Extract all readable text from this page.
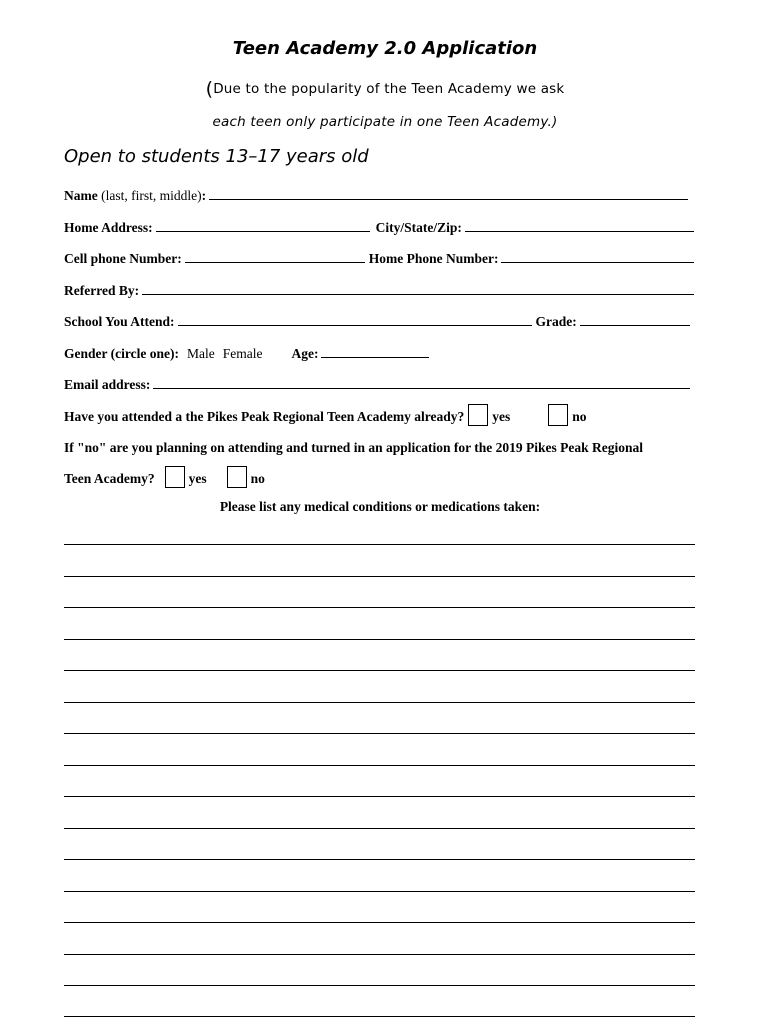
Teen Academy 2.0 Application
(Due to the popularity of the Teen Academy we ask
each teen only participate in one Teen Academy.)
Open to students 13–17 years old
Name (last, first, middle):
Home Address:	City/State/Zip:
Cell phone Number:	Home Phone Number:
Referred By:
School You Attend:	Grade:
Gender (circle one): Male Female	Age:
Email address:
Have you attended a the Pikes Peak Regional Teen Academy already? yes	no
If "no" are you planning on attending and turned in an application for the 2019 Pikes Peak Regional
Teen Academy?	yes	no
Please list any medical conditions or medications taken:
